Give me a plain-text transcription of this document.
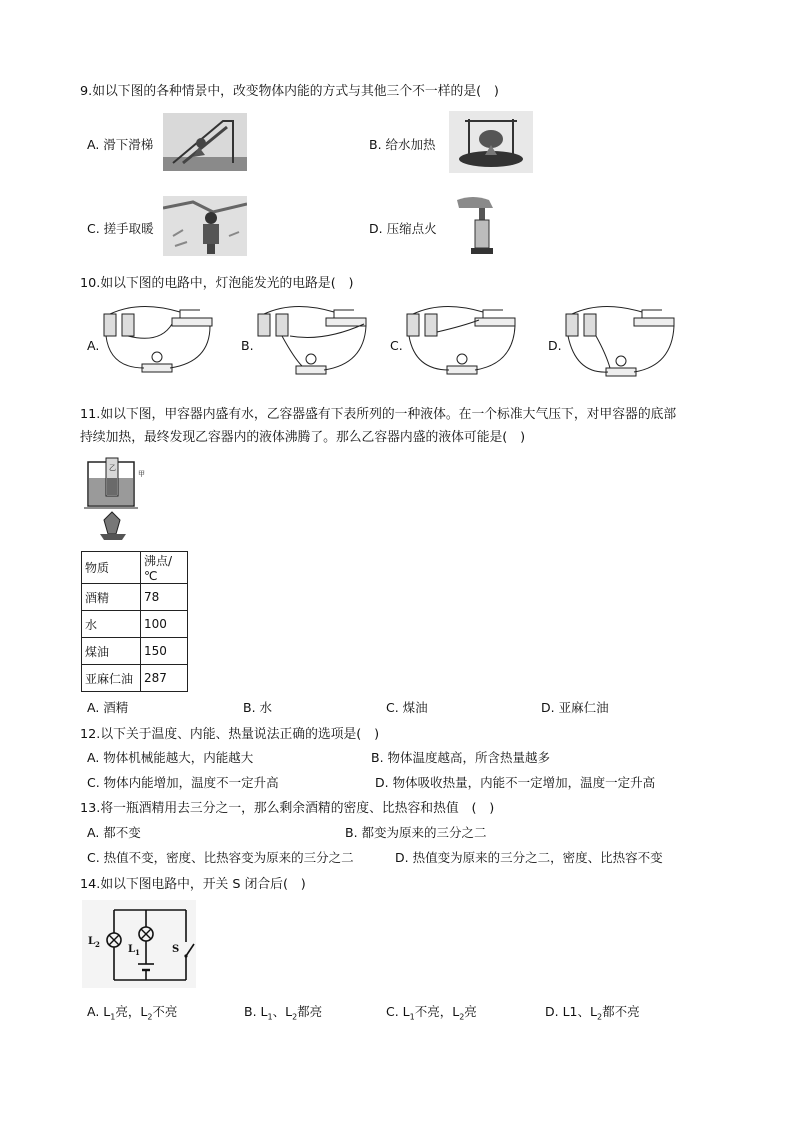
9.如以下图的各种情景中，改变物体内能的方式与其他三个不一样的是(　)
A. 滑下滑梯	B. 给水加热
C. 搓手取暖	D. 压缩点火
10.如以下图的电路中，灯泡能发光的电路是(　)
A.	B.	C.	D.
11.如以下图，甲容器内盛有水，乙容器盛有下表所列的一种液体。在一个标准大气压下，对甲容器的底部
持续加热，最终发现乙容器内的液体沸腾了。那么乙容器内盛的液体可能是(　)
乙
甲
物质	沸点/℃
酒精	78
水	100
煤油	150
亚麻仁油	287
A. 酒精	B. 水	C. 煤油	D. 亚麻仁油
12.以下关于温度、内能、热量说法正确的选项是(　)
A. 物体机械能越大，内能越大	B. 物体温度越高，所含热量越多
C. 物体内能增加，温度不一定升高	D. 物体吸收热量，内能不一定增加，温度一定升高
13.将一瓶酒精用去三分之一，那么剩余酒精的密度、比热容和热值　(　)
A. 都不变	B. 都变为原来的三分之二
C. 热值不变，密度、比热容变为原来的三分之二	D. 热值变为原来的三分之二，密度、比热容不变
14.如以下图电路中，开关 S 闭合后(　)
$L_2$	$L_1$	S
A. $L_1$亮，$L_2$不亮	B. $L_1$、$L_2$都亮	C. $L_1$不亮，$L_2$亮	D. L1、$L_2$都不亮
